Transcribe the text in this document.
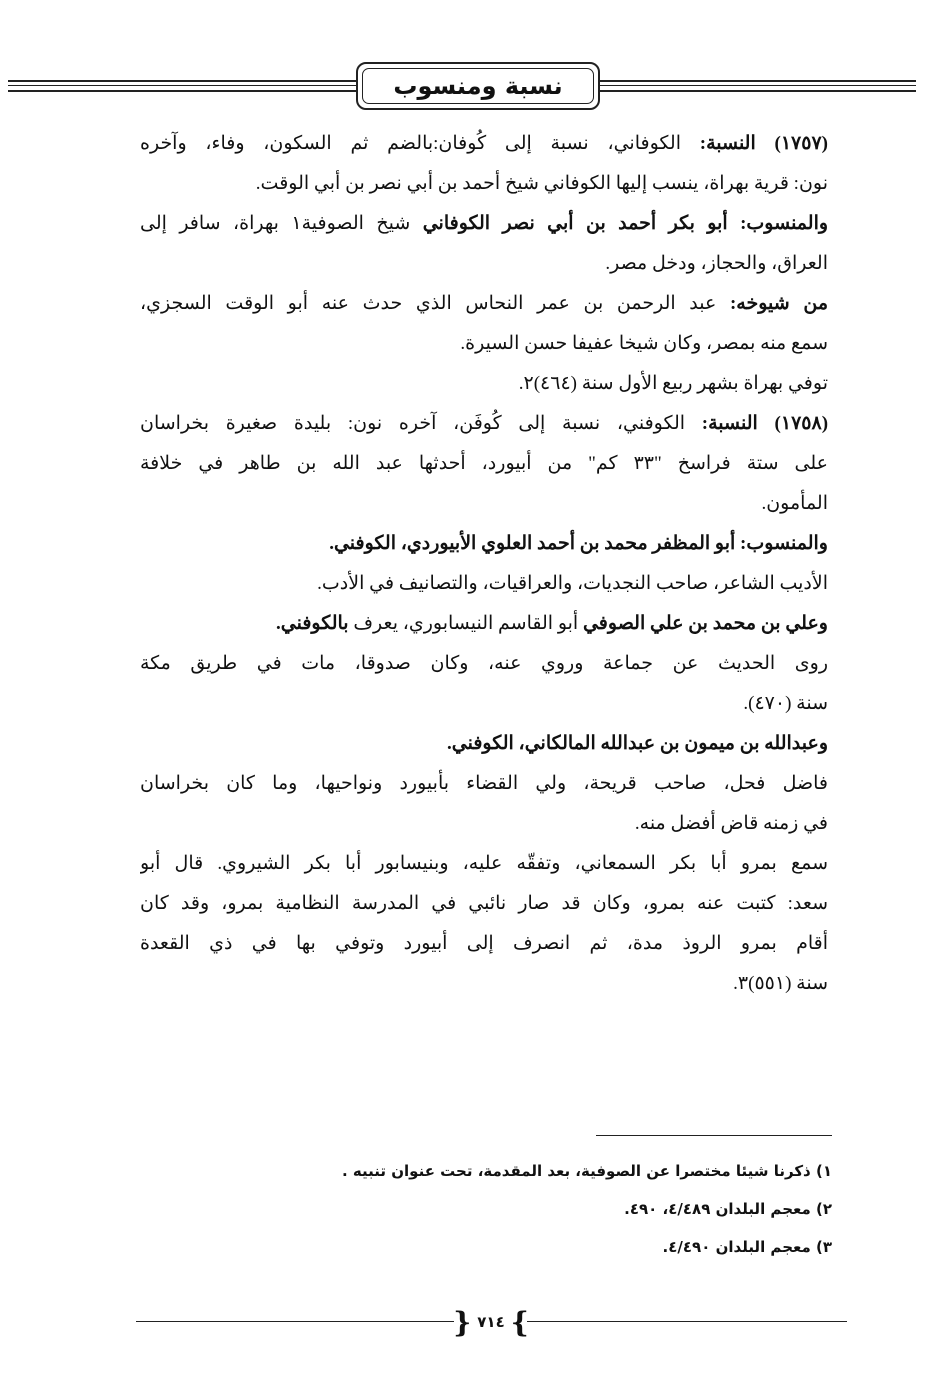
نسبة ومنسوب
(١٧٥٧) النسبة: الكوفاني، نسبة إلى كُوفان:بالضم ثم السكون، وفاء، وآخره
نون: قرية بهراة، ينسب إليها الكوفاني شيخ أحمد بن أبي نصر بن أبي الوقت.
والمنسوب: أبو بكر أحمد بن أبي نصر الكوفاني شيخ الصوفية١ بهراة، سافر إلى
العراق، والحجاز، ودخل مصر.
من شيوخه: عبد الرحمن بن عمر النحاس الذي حدث عنه أبو الوقت السجزي،
سمع منه بمصر، وكان شيخا عفيفا حسن السيرة.
توفي بهراة بشهر ربيع الأول سنة (٤٦٤)٢.
(١٧٥٨) النسبة: الكوفني، نسبة إلى كُوفَن، آخره نون: بليدة صغيرة بخراسان
على ستة فراسخ "٣٣ كم" من أبيورد، أحدثها عبد الله بن طاهر في خلافة
المأمون.
والمنسوب: أبو المظفر محمد بن أحمد العلوي الأبيوردي، الكوفني.
الأديب الشاعر، صاحب النجديات، والعراقيات، والتصانيف في الأدب.
وعلي بن محمد بن علي الصوفي أبو القاسم النيسابوري، يعرف بالكوفني.
روى الحديث عن جماعة وروي عنه، وكان صدوقا، مات في طريق مكة
سنة (٤٧٠).
وعبدالله بن ميمون بن عبدالله المالكاني، الكوفني.
فاضل فحل، صاحب قريحة، ولي القضاء بأبيورد ونواحيها، وما كان بخراسان
في زمنه قاض أفضل منه.
سمع بمرو أبا بكر السمعاني، وتفقّه عليه، وبنيسابور أبا بكر الشيروي. قال أبو
سعد: كتبت عنه بمرو، وكان قد صار نائبي في المدرسة النظامية بمرو، وقد كان
أقام بمرو الروذ مدة، ثم انصرف إلى أبيورد وتوفي بها في ذي القعدة
سنة (٥٥١)٣.
١) ذكرنا شيئا مختصرا عن الصوفية، بعد المقدمة، تحت عنوان تنبيه .
٢) معجم البلدان ٤/٤٨٩، ٤٩٠.
٣) معجم البلدان ٤/٤٩٠.
}
٧١٤
{
